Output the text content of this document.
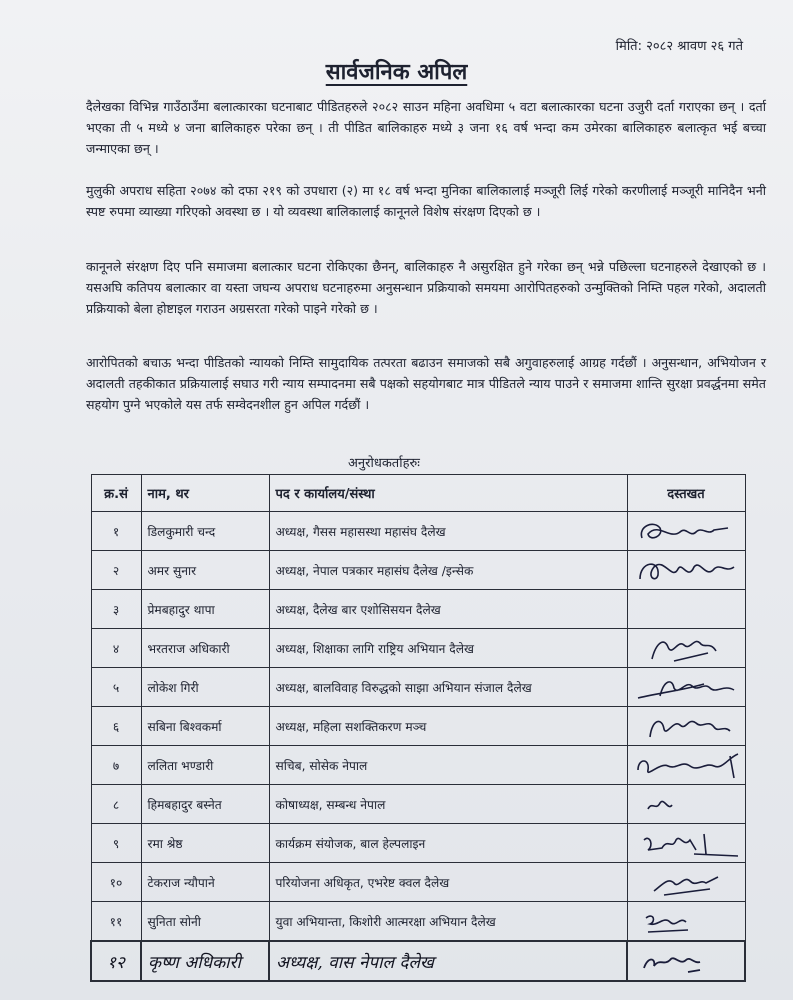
मिति: २०८२ श्रावण २६ गते
सार्वजनिक अपिल

दैलेखका विभिन्न गाउँठाउँमा बलात्कारका घटनाबाट पीडितहरुले २०८२ साउन महिना अवधिमा ५ वटा बलात्कारका घटना उजुरी दर्ता गराएका छन् । दर्ता भएका ती ५ मध्ये ४ जना बालिकाहरु परेका छन् । ती पीडित बालिकाहरु मध्ये ३ जना १६ वर्ष भन्दा कम उमेरका बालिकाहरु बलात्कृत भई बच्चा जन्माएका छन् ।

मुलुकी अपराध सहिता २०७४ को दफा २१९ को उपधारा (२) मा १८ वर्ष भन्दा मुनिका बालिकालाई मञ्जूरी लिई गरेको करणीलाई मञ्जूरी मानिदैन भनी स्पष्ट रुपमा व्याख्या गरिएको अवस्था छ । यो व्यवस्था बालिकालाई कानूनले विशेष संरक्षण दिएको छ ।

कानूनले संरक्षण दिए पनि समाजमा बलात्कार घटना रोकिएका छैनन्, बालिकाहरु नै असुरक्षित हुने गरेका छन् भन्ने पछिल्ला घटनाहरुले देखाएको छ । यसअघि कतिपय बलात्कार वा यस्ता जघन्य अपराध घटनाहरुमा अनुसन्धान प्रक्रियाको समयमा आरोपितहरुको उन्मुक्तिको निम्ति पहल गरेको, अदालती प्रक्रियाको बेला होष्टाइल गराउन अग्रसरता गरेको पाइने गरेको छ ।

आरोपितको बचाऊ भन्दा पीडितको न्यायको निम्ति सामुदायिक तत्परता बढाउन समाजको सबै अगुवाहरुलाई आग्रह गर्दछौं । अनुसन्धान, अभियोजन र अदालती तहकीकात प्रक्रियालाई सघाउ गरी न्याय सम्पादनमा सबै पक्षको सहयोगबाट मात्र पीडितले न्याय पाउने र समाजमा शान्ति सुरक्षा प्रवर्द्धनमा समेत सहयोग पुग्ने भएकोले यस तर्फ सम्वेदनशील हुन अपिल गर्दछौं ।

अनुरोधकर्ताहरुः
क्र.सं	नाम, थर	पद र कार्यालय/संस्था	दस्तखत
१	डिलकुमारी चन्द	अध्यक्ष, गैसस महासस्था महासंघ दैलेख	

२	अमर सुनार	अध्यक्ष, नेपाल पत्रकार महासंघ दैलेख /इन्सेक	

३	प्रेमबहादुर थापा	अध्यक्ष, दैलेख बार एशोसिसयन दैलेख	
४	भरतराज अधिकारी	अध्यक्ष, शिक्षाका लागि राष्ट्रिय अभियान दैलेख	

५	लोकेश गिरी	अध्यक्ष, बालविवाह विरुद्धको साझा अभियान संजाल दैलेख	

६	सबिना बिश्वकर्मा	अध्यक्ष, महिला सशक्तिकरण मञ्च	

७	ललिता भण्डारी	सचिब, सोसेक नेपाल	

८	हिमबहादुर बस्नेत	कोषाध्यक्ष, सम्बन्ध नेपाल	

९	रमा श्रेष्ठ	कार्यक्रम संयोजक, बाल हेल्पलाइन	

१०	टेकराज न्यौपाने	परियोजना अधिकृत, एभरेष्ट क्वल दैलेख	

११	सुनिता सोनी	युवा अभियान्ता, किशोरी आत्मरक्षा अभियान दैलेख	

१२	कृष्ण अधिकारी	अध्यक्ष, वास नेपाल दैलेख	
